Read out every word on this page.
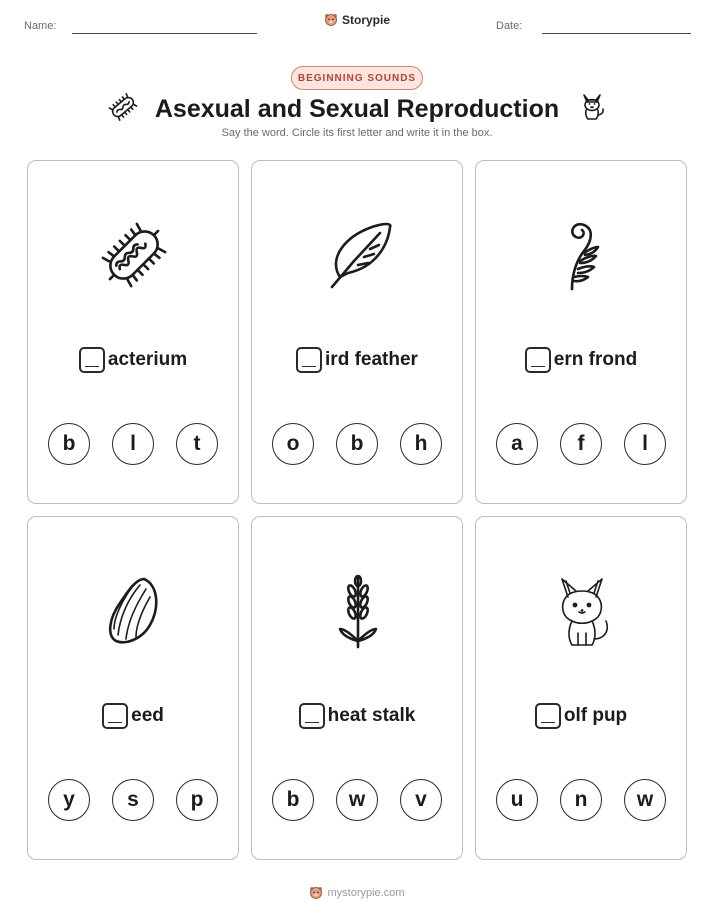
Name:	Storypie	Date:
BEGINNING SOUNDS
Asexual and Sexual Reproduction
Say the word. Circle its first letter and write it in the box.
acterium
b	l	t
ird feather
o	b	h
ern frond
a	f	l
eed
y	s	p
heat stalk
b	w	v
olf pup
u	n	w
mystorypie.com
